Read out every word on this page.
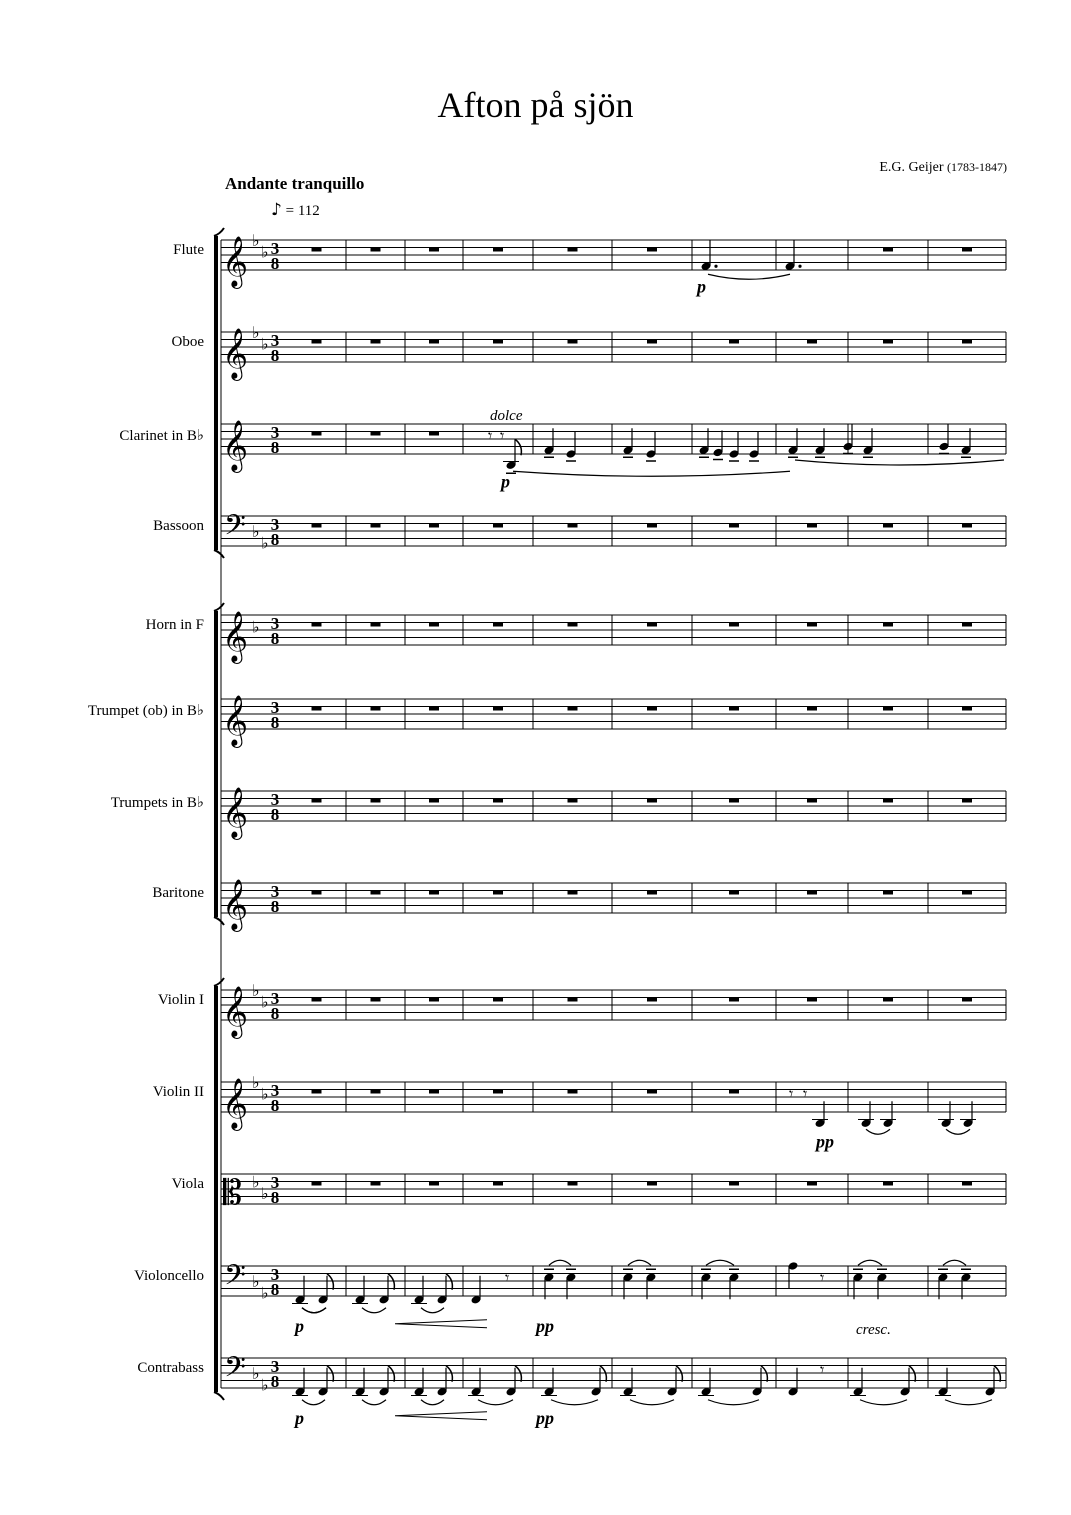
Afton på sjön
E.G. Geijer (1783-1847)
Andante tranquillo
♪ = 112
Flute
Oboe
Clarinet in B♭
Bassoon
Horn in F
Trumpet (ob) in B♭
Trumpets in B♭
Baritone
Violin I
Violin II
Viola
Violoncello
Contrabass
𝄞 ♭
♭ 3
8
𝄞 ♭
♭ 3
8
𝄞 3
8
𝄢 ♭
♭
3
8
𝄞 ♭ 3
8
𝄞 3
8
𝄞 3
8
𝄞 3
8
𝄞 ♭
♭ 3
8
𝄞 ♭
♭ 3
8
𝄡 ♭
♭
3
8
𝄢 ♭
♭
3
8
𝄢 ♭
♭
3
8
p
𝄾 𝄾
dolce
p
𝄾 𝄾
pp
𝄾	𝄾
p	pp	cresc.
𝄾
p	pp
